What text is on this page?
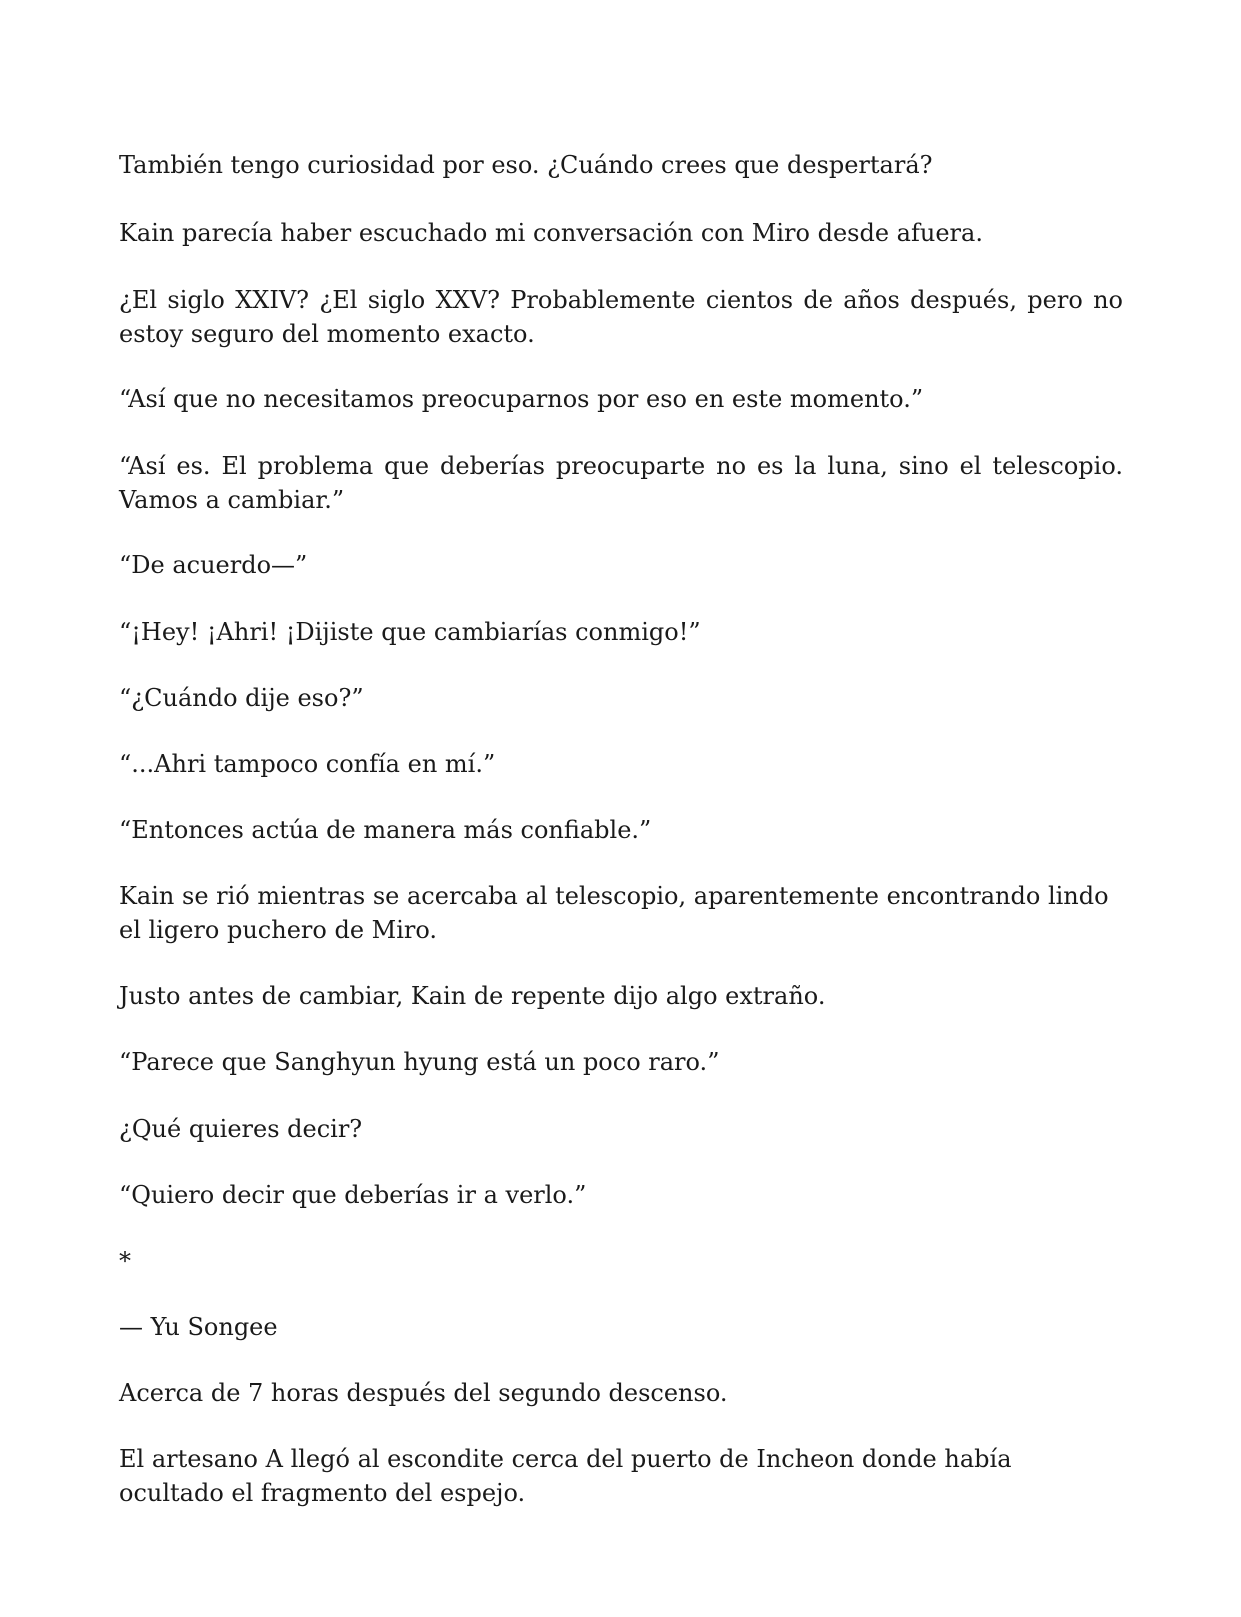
También tengo curiosidad por eso. ¿Cuándo crees que despertará?

Kain parecía haber escuchado mi conversación con Miro desde afuera.

¿El siglo XXIV? ¿El siglo XXV? Probablemente cientos de años después, pero no estoy seguro del momento exacto.

“Así que no necesitamos preocuparnos por eso en este momento.”

“Así es. El problema que deberías preocuparte no es la luna, sino el telescopio. Vamos a cambiar.”

“De acuerdo—”

“¡Hey! ¡Ahri! ¡Dijiste que cambiarías conmigo!”

“¿Cuándo dije eso?”

“...Ahri tampoco confía en mí.”

“Entonces actúa de manera más confiable.”

Kain se rió mientras se acercaba al telescopio, aparentemente encontrando lindo el ligero puchero de Miro.

Justo antes de cambiar, Kain de repente dijo algo extraño.

“Parece que Sanghyun hyung está un poco raro.”

¿Qué quieres decir?

“Quiero decir que deberías ir a verlo.”

*

— Yu Songee

Acerca de 7 horas después del segundo descenso.

El artesano A llegó al escondite cerca del puerto de Incheon donde había ocultado el fragmento del espejo.
